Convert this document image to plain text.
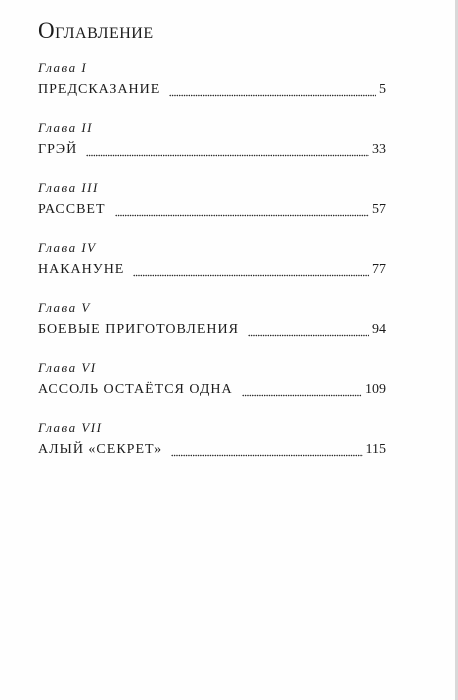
Оглавление
Глава I
ПРЕДСКАЗАНИЕ	5
Глава II
ГРЭЙ	33
Глава III
РАССВЕТ	57
Глава IV
НАКАНУНЕ	77
Глава V
БОЕВЫЕ ПРИГОТОВЛЕНИЯ	94
Глава VI
АССОЛЬ ОСТАЁТСЯ ОДНА	109
Глава VII
АЛЫЙ «СЕКРЕТ»	115
